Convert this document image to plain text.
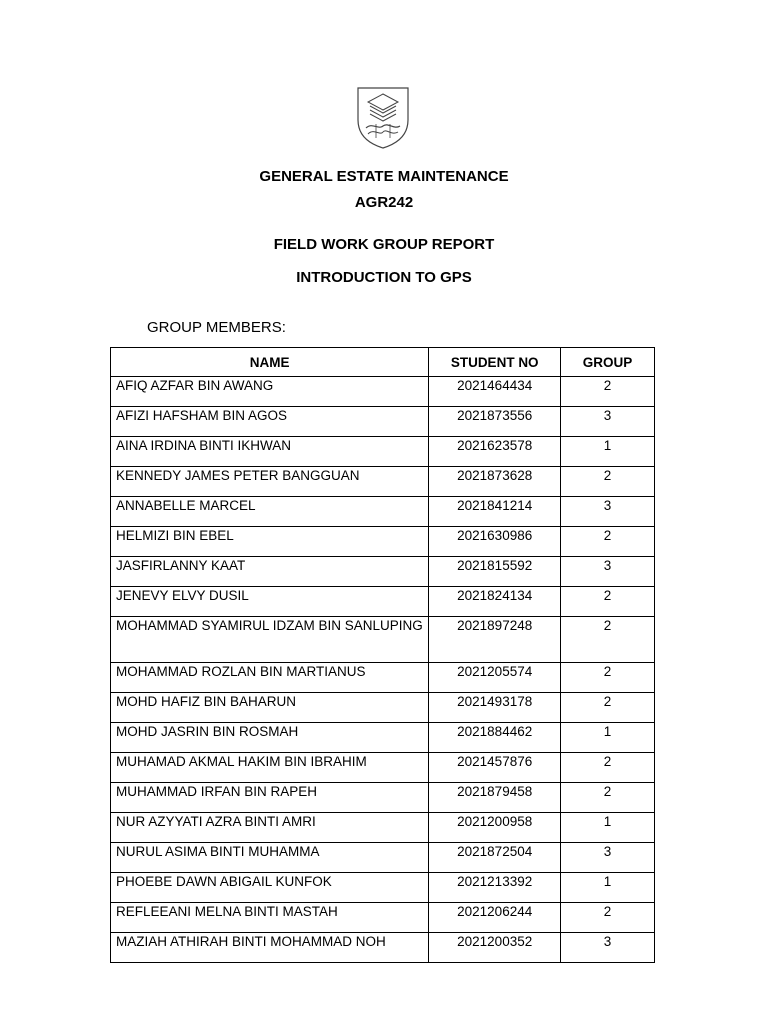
GENERAL ESTATE MAINTENANCE
AGR242
FIELD WORK GROUP REPORT
INTRODUCTION TO GPS
GROUP MEMBERS:
NAME	STUDENT NO	GROUP
AFIQ AZFAR BIN AWANG	2021464434	2
AFIZI HAFSHAM BIN AGOS	2021873556	3
AINA IRDINA BINTI IKHWAN	2021623578	1
KENNEDY JAMES PETER BANGGUAN	2021873628	2
ANNABELLE MARCEL	2021841214	3
HELMIZI BIN EBEL	2021630986	2
JASFIRLANNY KAAT	2021815592	3
JENEVY ELVY DUSIL	2021824134	2
MOHAMMAD SYAMIRUL IDZAM BIN SANLUPING	2021897248	2
MOHAMMAD ROZLAN BIN MARTIANUS	2021205574	2
MOHD HAFIZ BIN BAHARUN	2021493178	2
MOHD JASRIN BIN ROSMAH	2021884462	1
MUHAMAD AKMAL HAKIM BIN IBRAHIM	2021457876	2
MUHAMMAD IRFAN BIN RAPEH	2021879458	2
NUR AZYYATI AZRA BINTI AMRI	2021200958	1
NURUL ASIMA BINTI MUHAMMA	2021872504	3
PHOEBE DAWN ABIGAIL KUNFOK	2021213392	1
REFLEEANI MELNA BINTI MASTAH	2021206244	2
MAZIAH ATHIRAH BINTI MOHAMMAD NOH	2021200352	3
